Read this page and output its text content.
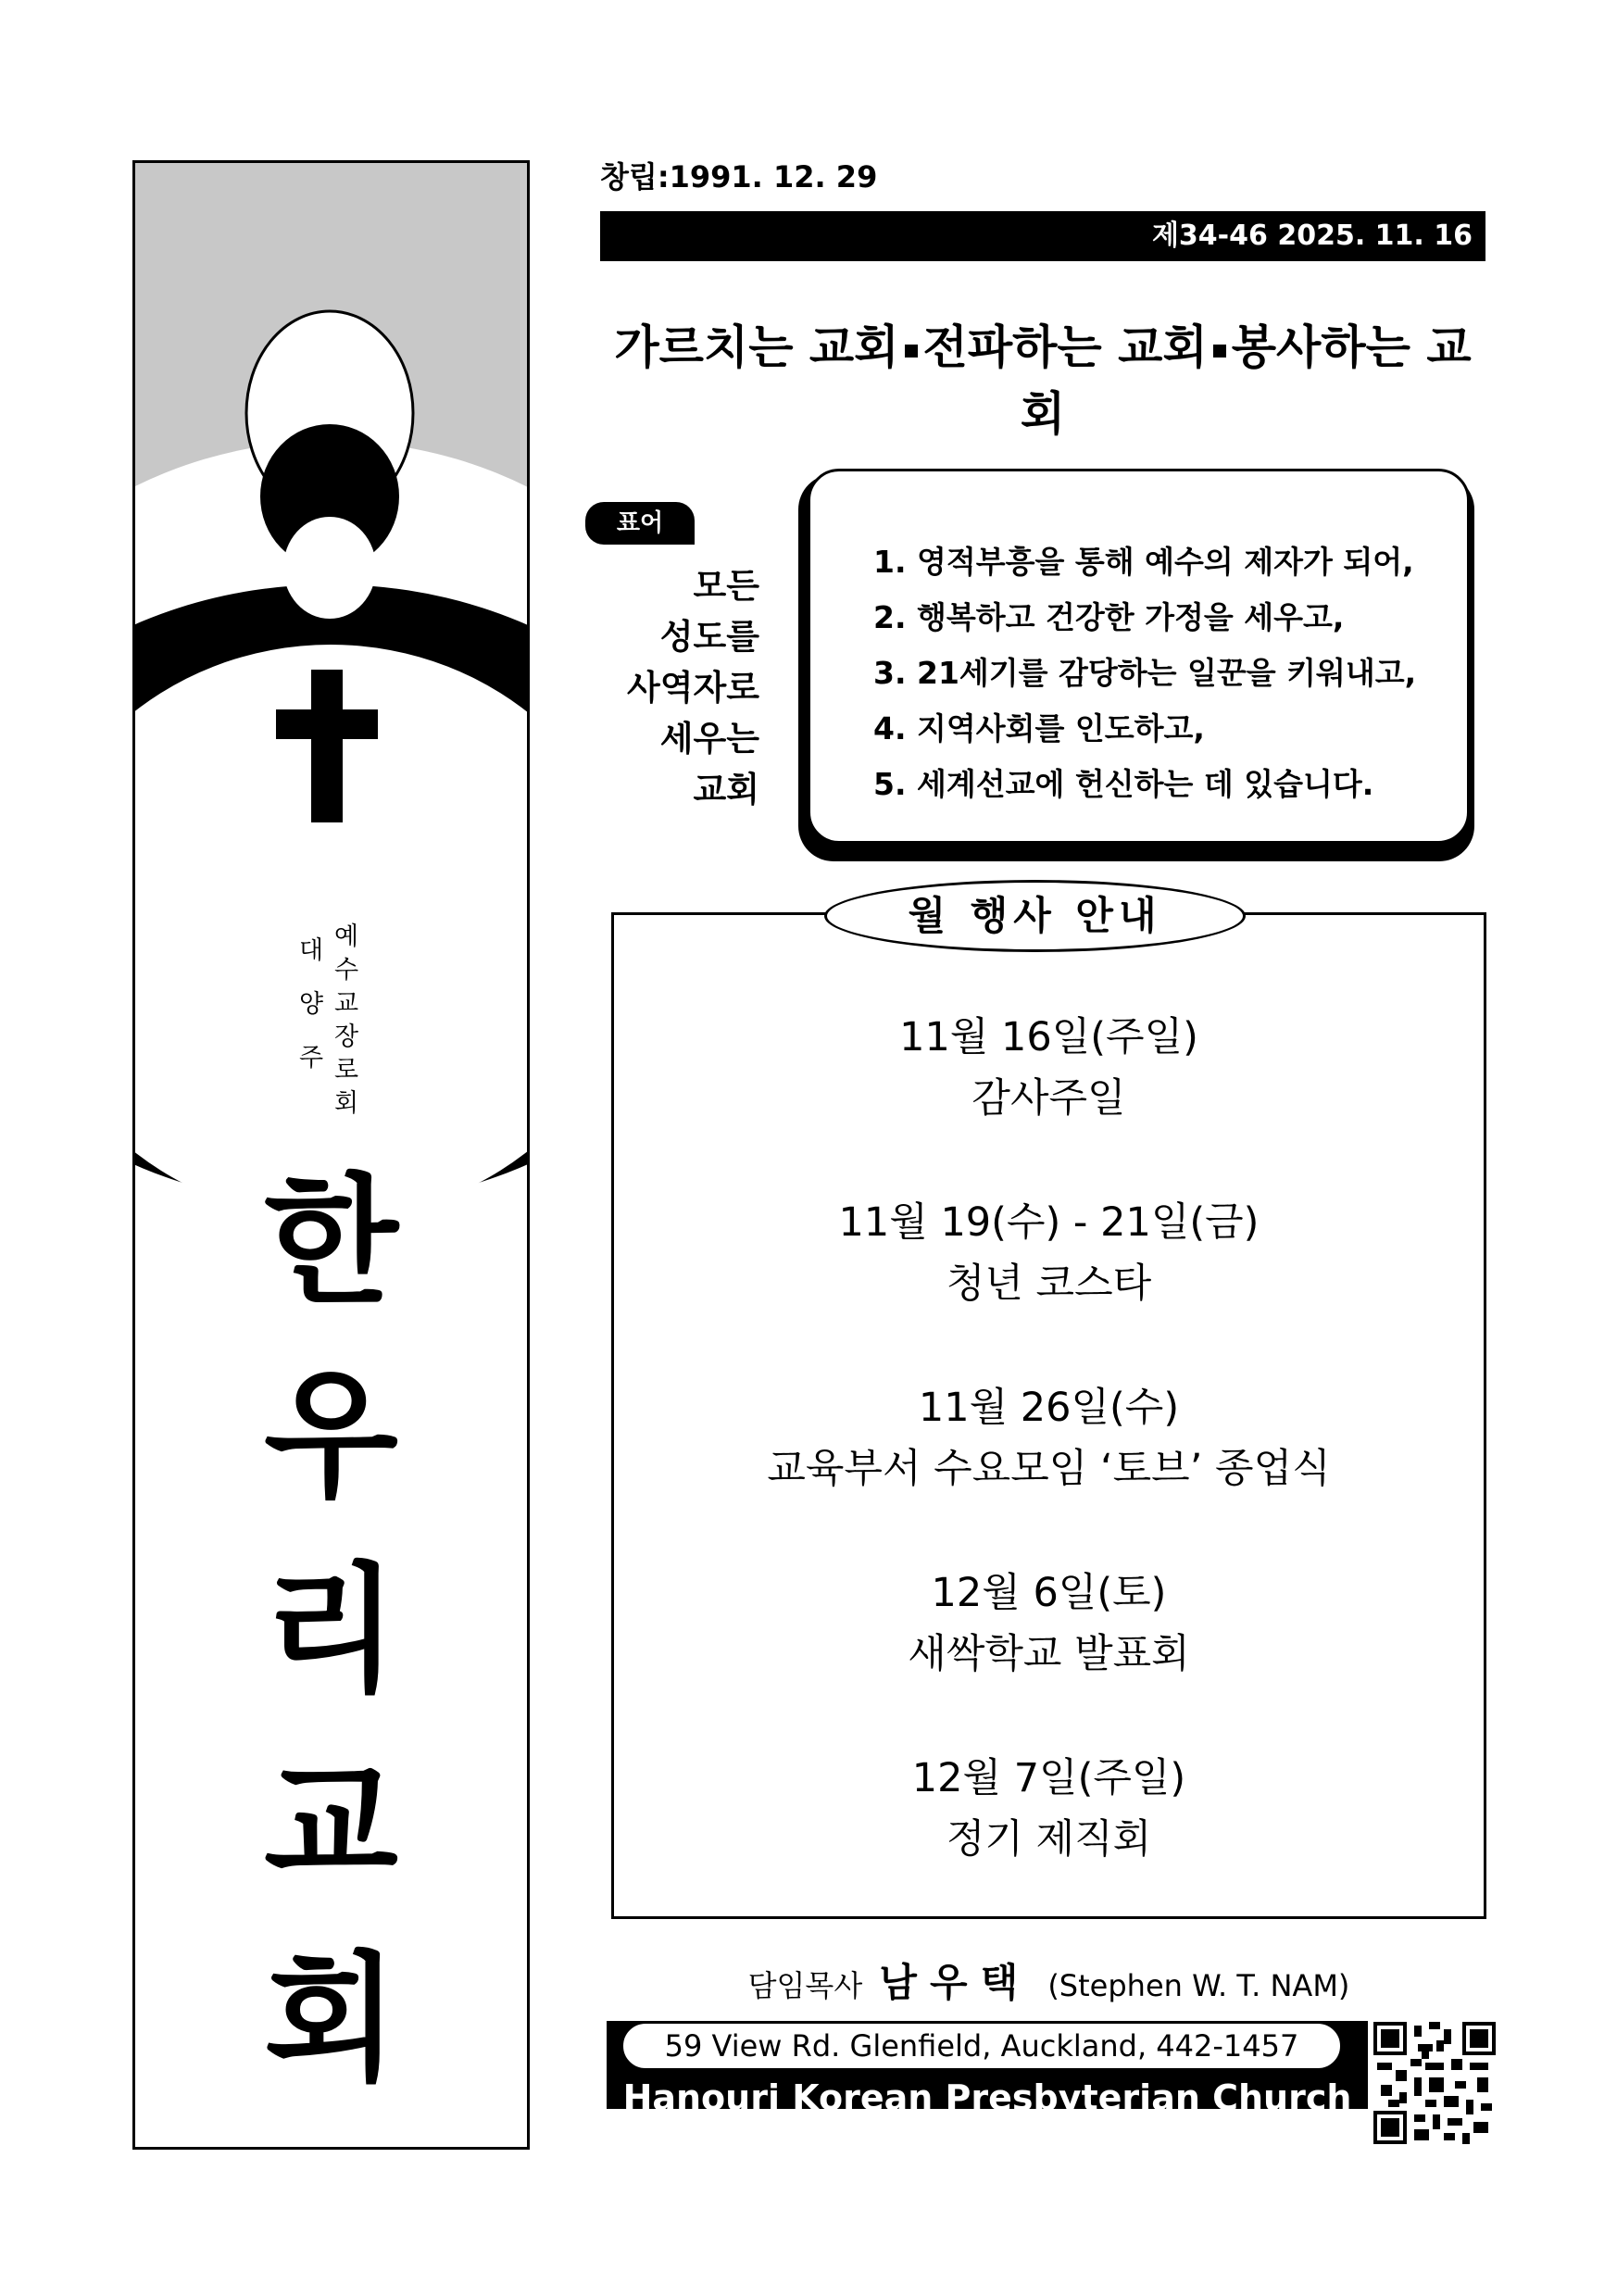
예
수
교
장
로
회
대
양
주
한
우
리
교
회
창립:1991. 12. 29
제34-46 2025. 11. 16
가르치는 교회 전파하는 교회 봉사하는 교회
표어
모든
성도를
사역자로
세우는
교회
1. 영적부흥을 통해 예수의 제자가 되어,
2. 행복하고 건강한 가정을 세우고,
3. 21세기를 감당하는 일꾼을 키워내고,
4. 지역사회를 인도하고,
5. 세계선교에 헌신하는 데 있습니다.
11월 16일(주일)
감사주일
11월 19(수) - 21일(금)
청년 코스타
11월 26일(수)
교육부서 수요모임 ‘토브’ 종업식
12월 6일(토)
새싹학교 발표회
12월 7일(주일)
정기 제직회
월 행사 안내
담임목사 남우택 (Stephen W. T. NAM)
59 View Rd. Glenfield, Auckland, 442-1457
Hanouri Korean Presbyterian Church
